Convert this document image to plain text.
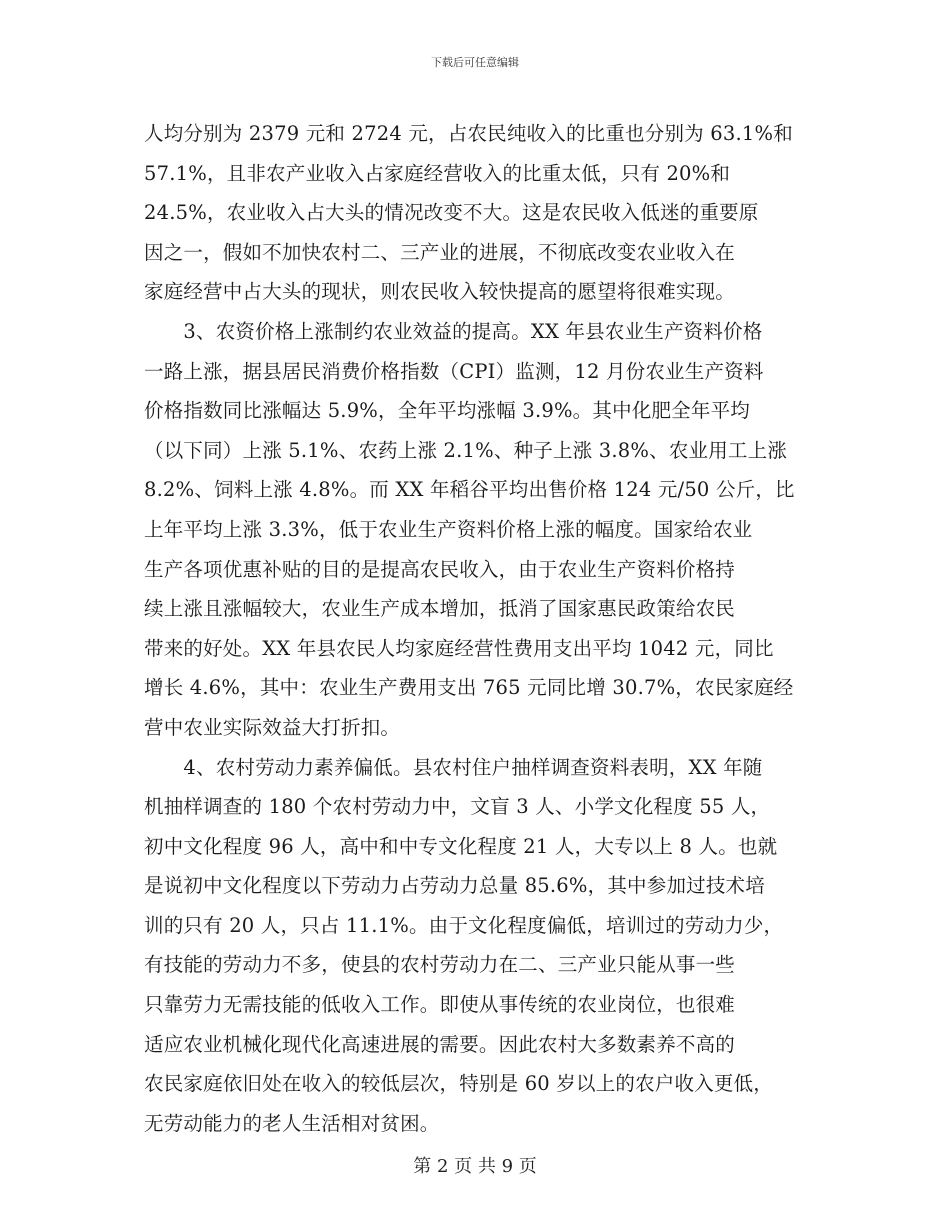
下载后可任意编辑
人均分别为 2379 元和 2724 元，占农民纯收入的比重也分别为 63.1%和
57.1%，且非农产业收入占家庭经营收入的比重太低，只有 20%和
24.5%，农业收入占大头的情况改变不大。这是农民收入低迷的重要原
因之一，假如不加快农村二、三产业的进展，不彻底改变农业收入在
家庭经营中占大头的现状，则农民收入较快提高的愿望将很难实现。
　　3、农资价格上涨制约农业效益的提高。XX 年县农业生产资料价格
一路上涨，据县居民消费价格指数（CPI）监测，12 月份农业生产资料
价格指数同比涨幅达 5.9%，全年平均涨幅 3.9%。其中化肥全年平均
（以下同）上涨 5.1%、农药上涨 2.1%、种子上涨 3.8%、农业用工上涨
8.2%、饲料上涨 4.8%。而 XX 年稻谷平均出售价格 124 元/50 公斤，比
上年平均上涨 3.3%，低于农业生产资料价格上涨的幅度。国家给农业
生产各项优惠补贴的目的是提高农民收入，由于农业生产资料价格持
续上涨且涨幅较大，农业生产成本增加，抵消了国家惠民政策给农民
带来的好处。XX 年县农民人均家庭经营性费用支出平均 1042 元，同比
增长 4.6%，其中：农业生产费用支出 765 元同比增 30.7%，农民家庭经
营中农业实际效益大打折扣。
　　4、农村劳动力素养偏低。县农村住户抽样调查资料表明，XX 年随
机抽样调查的 180 个农村劳动力中，文盲 3 人、小学文化程度 55 人，
初中文化程度 96 人，高中和中专文化程度 21 人，大专以上 8 人。也就
是说初中文化程度以下劳动力占劳动力总量 85.6%，其中参加过技术培
训的只有 20 人，只占 11.1%。由于文化程度偏低，培训过的劳动力少，
有技能的劳动力不多，使县的农村劳动力在二、三产业只能从事一些
只靠劳力无需技能的低收入工作。即使从事传统的农业岗位，也很难
适应农业机械化现代化高速进展的需要。因此农村大多数素养不高的
农民家庭依旧处在收入的较低层次，特别是 60 岁以上的农户收入更低，
无劳动能力的老人生活相对贫困。
第 2 页 共 9 页
